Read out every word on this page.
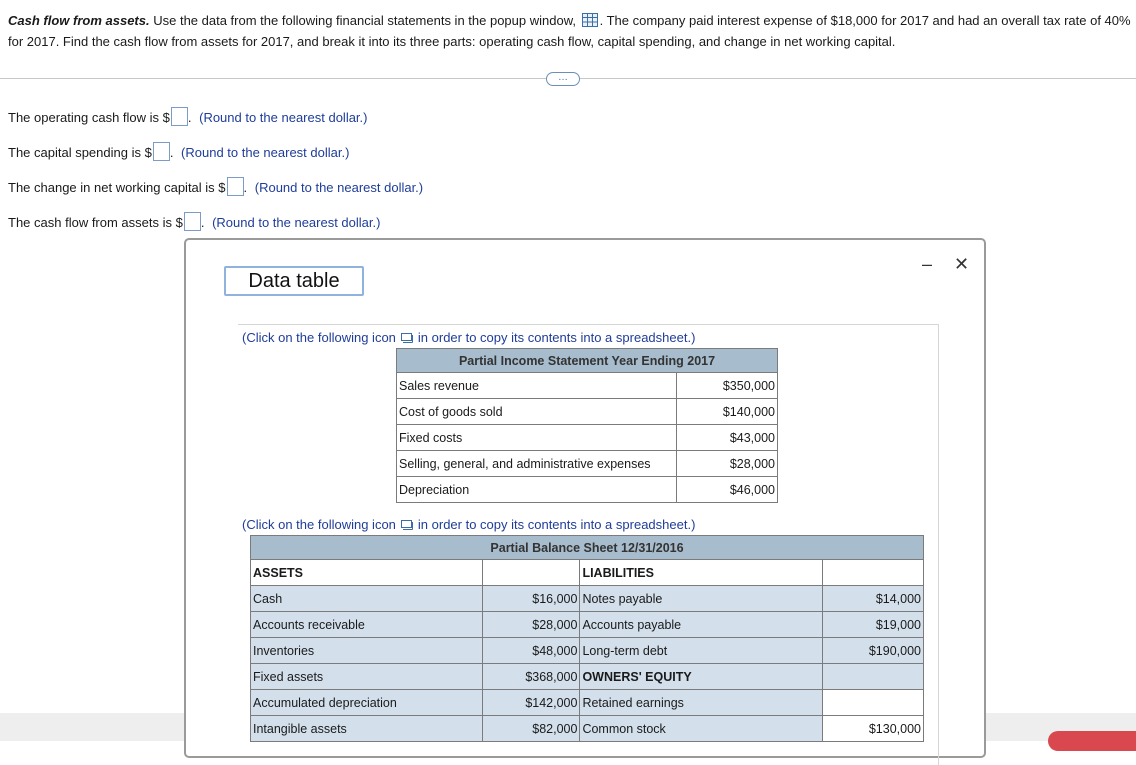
Cash flow from assets. Use the data from the following financial statements in the popup window, . The company paid interest expense of $18,000 for 2017 and had an overall tax rate of 40%
for 2017. Find the cash flow from assets for 2017, and break it into its three parts: operating cash flow, capital spending, and change in net working capital.
…
The operating cash flow is $ . (Round to the nearest dollar.)
The capital spending is $ . (Round to the nearest dollar.)
The change in net working capital is $ . (Round to the nearest dollar.)
The cash flow from assets is $ . (Round to the nearest dollar.)
Data table
– ✕
(Click on the following icon in order to copy its contents into a spreadsheet.)
Partial Income Statement Year Ending 2017	
Sales revenue	$350,000
Cost of goods sold	$140,000
Fixed costs	$43,000
Selling, general, and administrative expenses	$28,000
Depreciation	$46,000
(Click on the following icon in order to copy its contents into a spreadsheet.)
Partial Balance Sheet 12/31/2016			
ASSETS		LIABILITIES	
Cash	$16,000	Notes payable	$14,000
Accounts receivable	$28,000	Accounts payable	$19,000
Inventories	$48,000	Long-term debt	$190,000
Fixed assets	$368,000	OWNERS' EQUITY	
Accumulated depreciation	$142,000	Retained earnings	
Intangible assets	$82,000	Common stock	$130,000
